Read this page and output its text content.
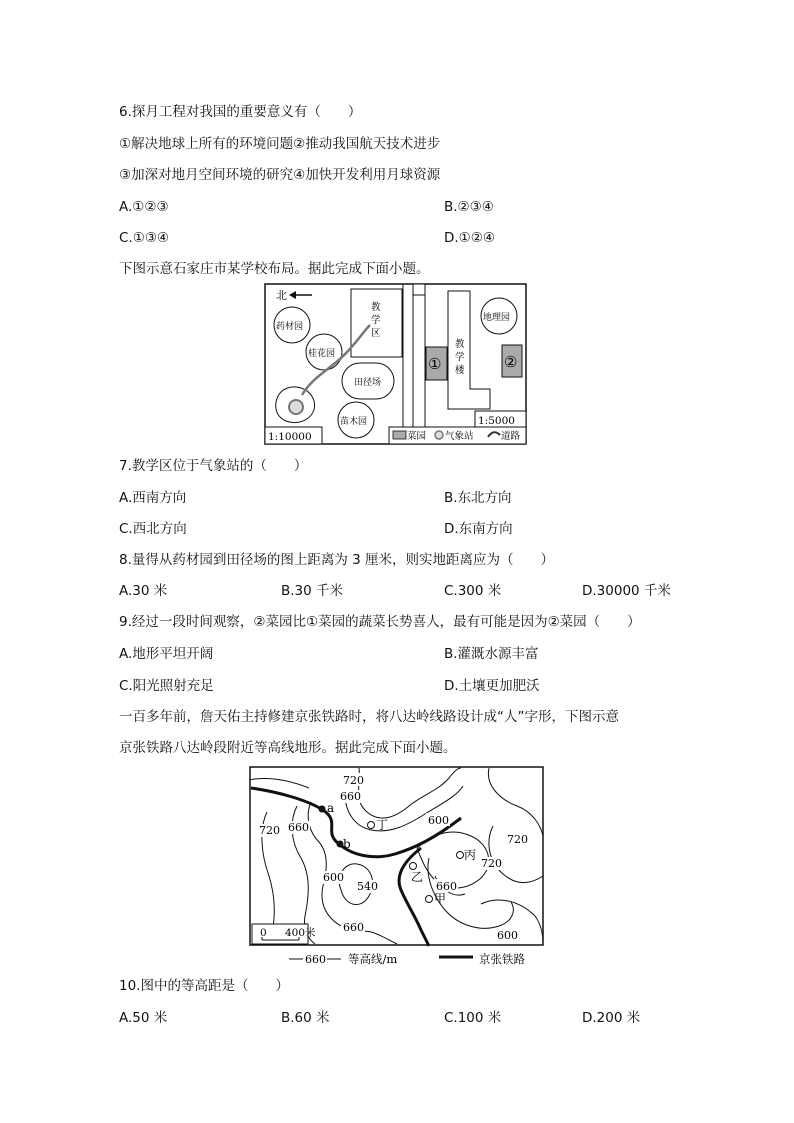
6.探月工程对我国的重要意义有（　　）
①解决地球上所有的环境问题②推动我国航天技术进步
③加深对地月空间环境的研究④加快开发利用月球资源
A.①②③	B.②③④
C.①③④	D.①②④
下图示意石家庄市某学校布局。据此完成下面小题。
北
教
学
区
教
学
楼
①	②
药材园
桂花园
田径场
苗木园
地理园
1:10000
1:5000
菜园 气象站	道路
7.教学区位于气象站的（　　）
A.西南方向	B.东北方向
C.西北方向	D.东南方向
8.量得从药材园到田径场的图上距离为 3 厘米，则实地距离应为（　　）
A.30 米	B.30 千米	C.300 米	D.30000 千米
9.经过一段时间观察，②菜园比①菜园的蔬菜长势喜人，最有可能是因为②菜园（　　）
A.地形平坦开阔	B.灌溉水源丰富
C.阳光照射充足	D.土壤更加肥沃
一百多年前，詹天佑主持修建京张铁路时，将八达岭线路设计成“人”字形，下图示意
京张铁路八达岭段附近等高线地形。据此完成下面小题。
720
660
600
720 660
720
600
540
720
660
660
600
a
b
丁
丙
乙
甲
0 400米
660 等高线/m	京张铁路
10.图中的等高距是（　　）
A.50 米	B.60 米	C.100 米	D.200 米
